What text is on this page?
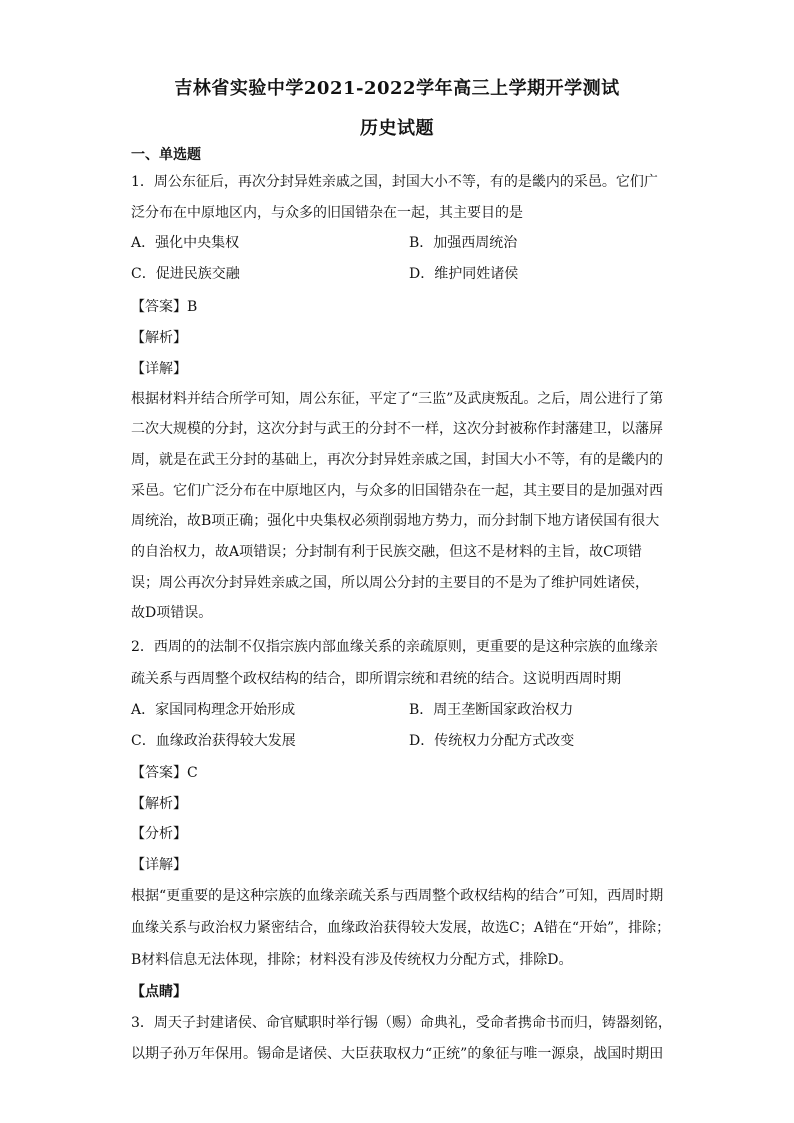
吉林省实验中学2021-2022学年高三上学期开学测试
历史试题
一、单选题
1．周公东征后，再次分封异姓亲戚之国，封国大小不等，有的是畿内的采邑。它们广
泛分布在中原地区内，与众多的旧国错杂在一起，其主要目的是
A．强化中央集权	B．加强西周统治
C．促进民族交融	D．维护同姓诸侯
【答案】B
【解析】
【详解】
根据材料并结合所学可知，周公东征，平定了“三监”及武庚叛乱。之后，周公进行了第
二次大规模的分封，这次分封与武王的分封不一样，这次分封被称作封藩建卫，以藩屏
周，就是在武王分封的基础上，再次分封异姓亲戚之国，封国大小不等，有的是畿内的
采邑。它们广泛分布在中原地区内，与众多的旧国错杂在一起，其主要目的是加强对西
周统治，故B项正确；强化中央集权必须削弱地方势力，而分封制下地方诸侯国有很大
的自治权力，故A项错误；分封制有利于民族交融，但这不是材料的主旨，故C项错
误；周公再次分封异姓亲戚之国，所以周公分封的主要目的不是为了维护同姓诸侯，
故D项错误。
2．西周的的法制不仅指宗族内部血缘关系的亲疏原则，更重要的是这种宗族的血缘亲
疏关系与西周整个政权结构的结合，即所谓宗统和君统的结合。这说明西周时期
A．家国同构理念开始形成	B．周王垄断国家政治权力
C．血缘政治获得较大发展	D．传统权力分配方式改变
【答案】C
【解析】
【分析】
【详解】
根据“更重要的是这种宗族的血缘亲疏关系与西周整个政权结构的结合”可知，西周时期
血缘关系与政治权力紧密结合，血缘政治获得较大发展，故选C；A错在“开始”，排除；
B材料信息无法体现，排除；材料没有涉及传统权力分配方式，排除D。
【点睛】
3．周天子封建诸侯、命官赋职时举行锡（赐）命典礼，受命者携命书而归，铸器刻铭，
以期子孙万年保用。锡命是诸侯、大臣获取权力“正统”的象征与唯一源泉，战国时期田
